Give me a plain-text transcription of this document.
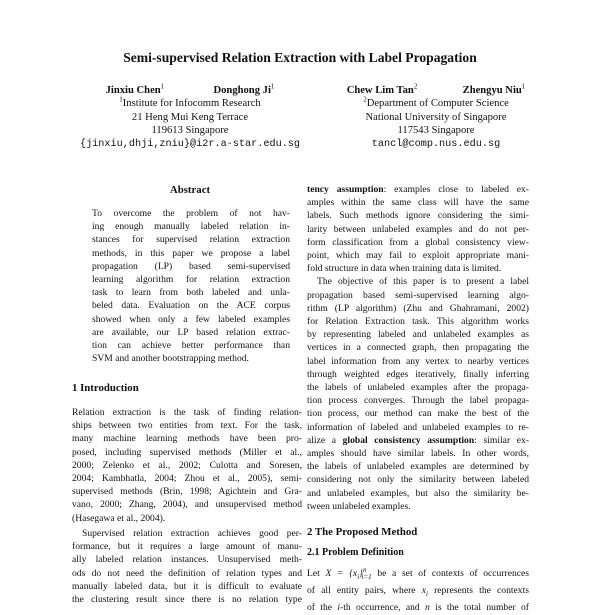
Semi-supervised Relation Extraction with Label Propagation
Jinxiu Chen$^1$	Donghong Ji$^1$
$^1$Institute for Infocomm Research
21 Heng Mui Keng Terrace
119613 Singapore
{jinxiu,dhji,zniu}@i2r.a-star.edu.sg
Chew Lim Tan$^2$	Zhengyu Niu$^1$
$^2$Department of Computer Science
National University of Singapore
117543 Singapore
tancl@comp.nus.edu.sg
Abstract
To overcome the problem of not hav-
ing enough manually labeled relation in-
stances for supervised relation extraction
methods, in this paper we propose a label
propagation (LP) based semi-supervised
learning algorithm for relation extraction
task to learn from both labeled and unla-
beled data. Evaluation on the ACE corpus
showed when only a few labeled examples
are available, our LP based relation extrac-
tion can achieve better performance than
SVM and another bootstrapping method.
1 Introduction
Relation extraction is the task of finding relation-
ships between two entities from text. For the task,
many machine learning methods have been pro-
posed, including supervised methods (Miller et al.,
2000; Zelenko et al., 2002; Culotta and Soresen,
2004; Kambhatla, 2004; Zhou et al., 2005), semi-
supervised methods (Brin, 1998; Agichtein and Gra-
vano, 2000; Zhang, 2004), and unsupervised method
(Hasegawa et al., 2004).
Supervised relation extraction achieves good per-
formance, but it requires a large amount of manu-
ally labeled relation instances. Unsupervised meth-
ods do not need the definition of relation types and
manually labeled data, but it is difficult to evaluate
the clustering result since there is no relation type
tency assumption: examples close to labeled ex-
amples within the same class will have the same
labels. Such methods ignore considering the simi-
larity between unlabeled examples and do not per-
form classification from a global consistency view-
point, which may fail to exploit appropriate mani-
fold structure in data when training data is limited.
The objective of this paper is to present a label
propagation based semi-supervised learning algo-
rithm (LP algorithm) (Zhu and Ghahramani, 2002)
for Relation Extraction task. This algorithm works
by representing labeled and unlabeled examples as
vertices in a connected graph, then propagating the
label information from any vertex to nearby vertices
through weighted edges iteratively, finally inferring
the labels of unlabeled examples after the propaga-
tion process converges. Through the label propaga-
tion process, our method can make the best of the
information of labeled and unlabeled examples to re-
alize a global consistency assumption: similar ex-
amples should have similar labels. In other words,
the labels of unlabeled examples are determined by
considering not only the similarity between labeled
and unlabeled examples, but also the similarity be-
tween unlabeled examples.
2 The Proposed Method
2.1 Problem Definition
Let $X = \{x_i\}^n_{i=1}$ be a set of contexts of occurrences
of all entity pairs, where $x_i$ represents the contexts
of the i-th occurrence, and n is the total number of
